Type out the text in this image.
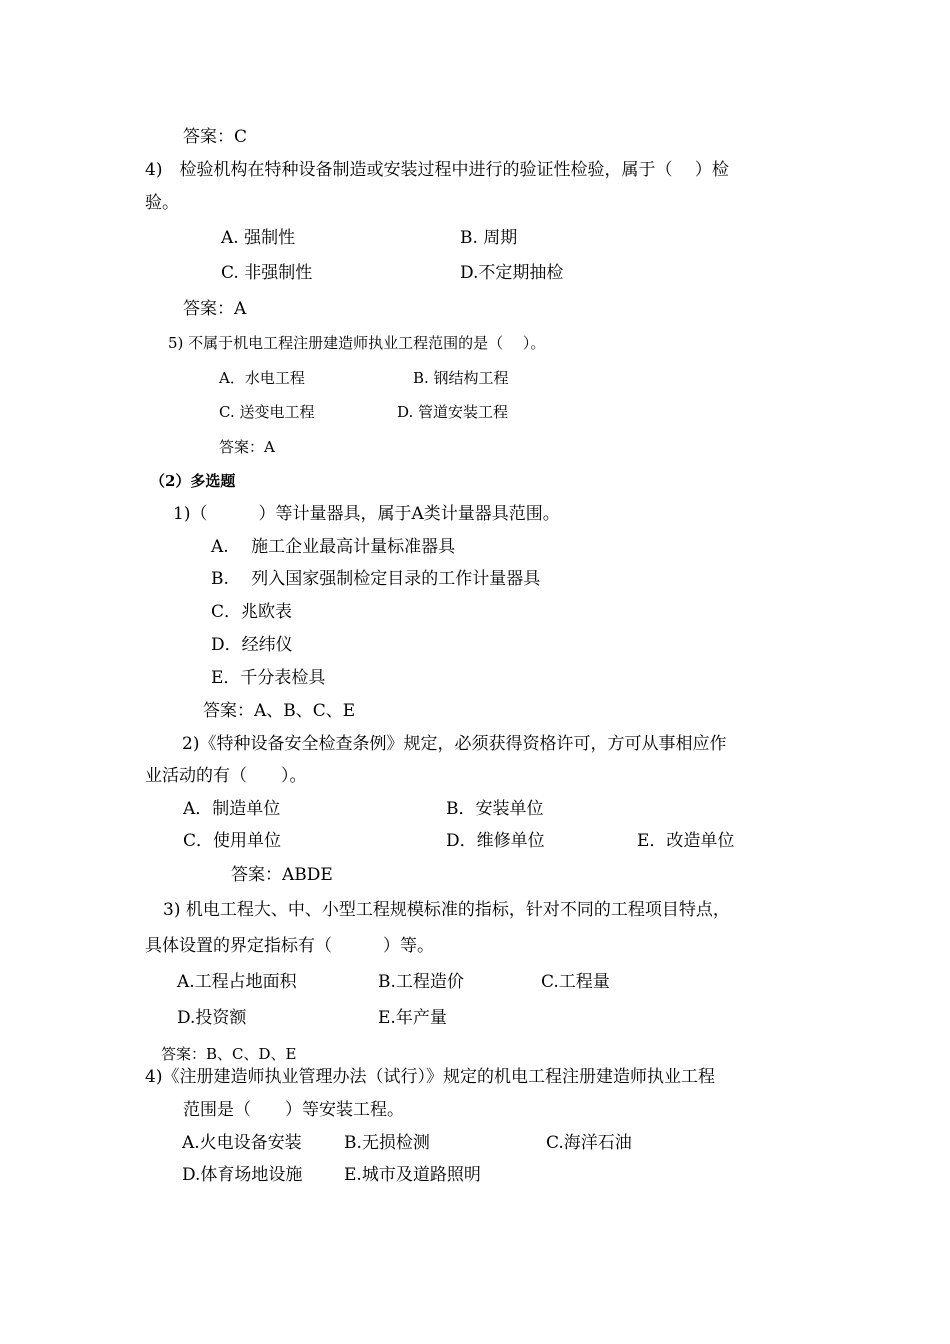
答案：C
4)　检验机构在特种设备制造或安装过程中进行的验证性检验，属于（　 ）检
验。
A. 强制性	B. 周期
C. 非强制性	D.不定期抽检
答案：A
5) 不属于机电工程注册建造师执业工程范围的是（　 ）。
A．水电工程	B. 钢结构工程
C. 送变电工程	D. 管道安装工程
答案：A
（2）多选题
1)（　　　）等计量器具，属于A类计量器具范围。
A.　 施工企业最高计量标准器具
B.　 列入国家强制检定目录的工作计量器具
C．兆欧表
D．经纬仪
E．千分表检具
答案：A、B、C、E
2)《特种设备安全检查条例》规定，必须获得资格许可，方可从事相应作
业活动的有（　　）。
A．制造单位	B．安装单位
C．使用单位	D．维修单位	E．改造单位
答案：ABDE
3) 机电工程大、中、小型工程规模标准的指标，针对不同的工程项目特点，
具体设置的界定指标有（　　　）等。
A.工程占地面积	B.工程造价	C.工程量
D.投资额	E.年产量
答案：B、C、D、E
4)《注册建造师执业管理办法（试行）》规定的机电工程注册建造师执业工程
范围是（　　）等安装工程。
A.火电设备安装 B.无损检测	C.海洋石油
D.体育场地设施 E.城市及道路照明
